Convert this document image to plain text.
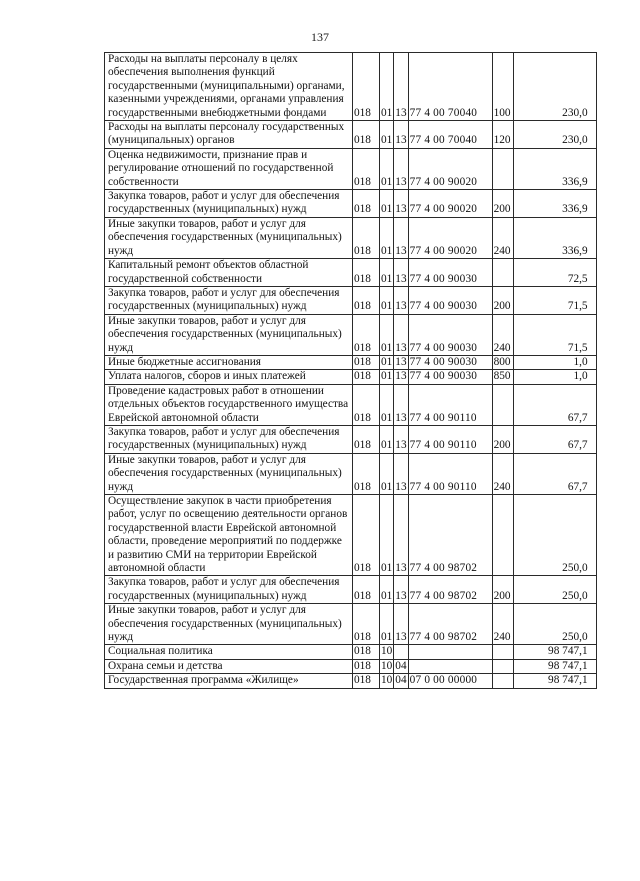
137
Расходы на выплаты персоналу в целях обеспечения выполнения функций государственными (муниципальными) органами, казенными учреждениями, органами управления государственными внебюджетными фондами	018	01	13	77 4 00 70040	100	230,0
Расходы на выплаты персоналу государственных (муниципальных) органов	018	01	13	77 4 00 70040	120	230,0
Оценка недвижимости, признание прав и регулирование отношений по государственной собственности	018	01	13	77 4 00 90020		336,9
Закупка товаров, работ и услуг для обеспечения государственных (муниципальных) нужд	018	01	13	77 4 00 90020	200	336,9
Иные закупки товаров, работ и услуг для обеспечения государственных (муниципальных) нужд	018	01	13	77 4 00 90020	240	336,9
Капитальный ремонт объектов областной государственной собственности	018	01	13	77 4 00 90030		72,5
Закупка товаров, работ и услуг для обеспечения государственных (муниципальных) нужд	018	01	13	77 4 00 90030	200	71,5
Иные закупки товаров, работ и услуг для обеспечения государственных (муниципальных) нужд	018	01	13	77 4 00 90030	240	71,5
Иные бюджетные ассигнования	018	01	13	77 4 00 90030	800	1,0
Уплата налогов, сборов и иных платежей	018	01	13	77 4 00 90030	850	1,0
Проведение кадастровых работ в отношении отдельных объектов государственного имущества Еврейской автономной области	018	01	13	77 4 00 90110		67,7
Закупка товаров, работ и услуг для обеспечения государственных (муниципальных) нужд	018	01	13	77 4 00 90110	200	67,7
Иные закупки товаров, работ и услуг для обеспечения государственных (муниципальных) нужд	018	01	13	77 4 00 90110	240	67,7
Осуществление закупок в части приобретения работ, услуг по освещению деятельности органов государственной власти Еврейской автономной области, проведение мероприятий по поддержке и развитию СМИ на территории Еврейской автономной области	018	01	13	77 4 00 98702		250,0
Закупка товаров, работ и услуг для обеспечения государственных (муниципальных) нужд	018	01	13	77 4 00 98702	200	250,0
Иные закупки товаров, работ и услуг для обеспечения государственных (муниципальных) нужд	018	01	13	77 4 00 98702	240	250,0
Социальная политика	018	10				98 747,1
Охрана семьи и детства	018	10	04			98 747,1
Государственная программа «Жилище»	018	10	04	07 0 00 00000		98 747,1
